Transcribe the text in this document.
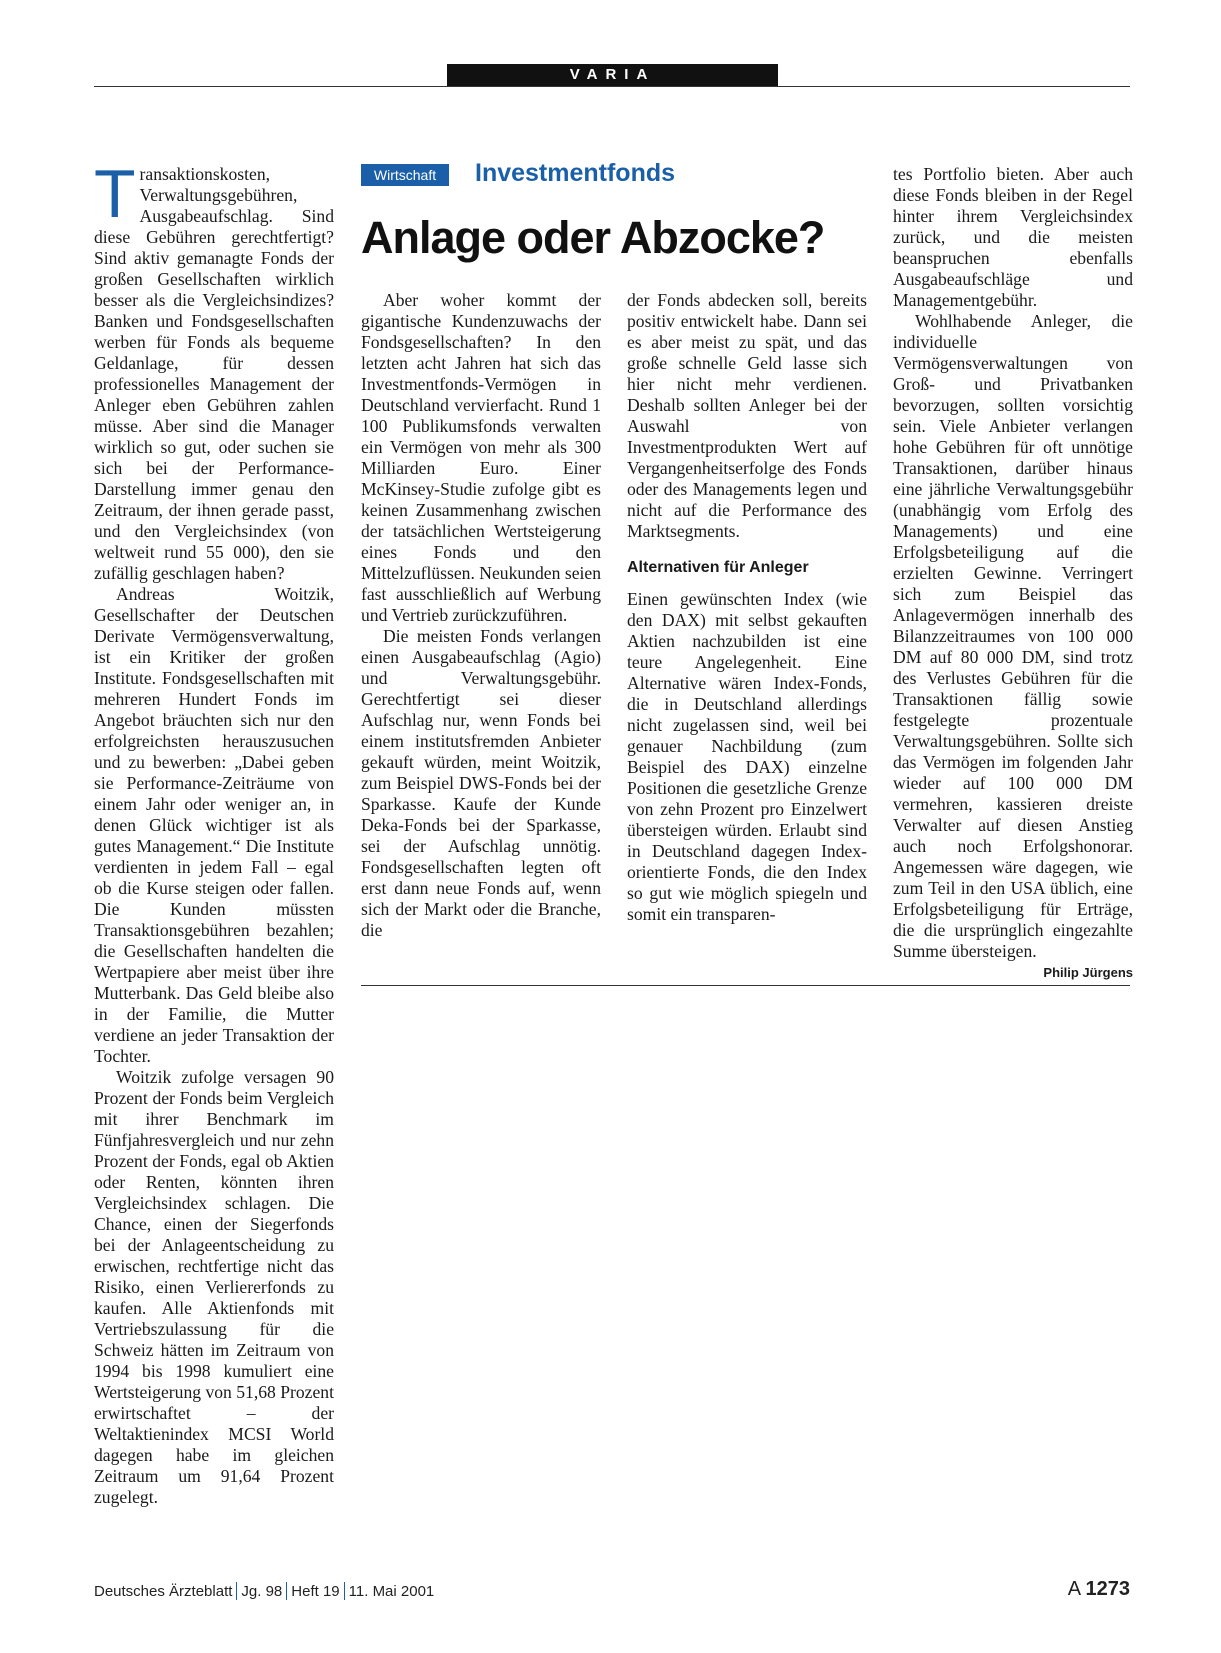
VARIA

Transaktionskosten, Verwaltungsgebühren, Ausgabeaufschlag. Sind diese Gebühren gerechtfertigt? Sind aktiv gemanagte Fonds der großen Gesellschaften wirklich besser als die Vergleichsindizes? Banken und Fondsgesellschaften werben für Fonds als bequeme Geldanlage, für dessen professionelles Management der Anleger eben Gebühren zahlen müsse. Aber sind die Manager wirklich so gut, oder suchen sie sich bei der Performance-Darstellung immer genau den Zeitraum, der ihnen gerade passt, und den Vergleichsindex (von weltweit rund 55 000), den sie zufällig geschlagen haben?

Andreas Woitzik, Gesellschafter der Deutschen Derivate Vermögensverwaltung, ist ein Kritiker der großen Institute. Fondsgesellschaften mit mehreren Hundert Fonds im Angebot bräuchten sich nur den erfolgreichsten herauszusuchen und zu bewerben: „Dabei geben sie Performance-Zeiträume von einem Jahr oder weniger an, in denen Glück wichtiger ist als gutes Management.“ Die Institute verdienten in jedem Fall – egal ob die Kurse steigen oder fallen. Die Kunden müssten Transaktionsgebühren bezahlen; die Gesellschaften handelten die Wertpapiere aber meist über ihre Mutterbank. Das Geld bleibe also in der Familie, die Mutter verdiene an jeder Transaktion der Tochter.

Woitzik zufolge versagen 90 Prozent der Fonds beim Vergleich mit ihrer Benchmark im Fünfjahresvergleich und nur zehn Prozent der Fonds, egal ob Aktien oder Renten, könnten ihren Vergleichsindex schlagen. Die Chance, einen der Siegerfonds bei der Anlageentscheidung zu erwischen, rechtfertige nicht das Risiko, einen Verliererfonds zu kaufen. Alle Aktienfonds mit Vertriebszulassung für die Schweiz hätten im Zeitraum von 1994 bis 1998 kumuliert eine Wertsteigerung von 51,68 Prozent erwirtschaftet – der Weltaktienindex MCSI World dagegen habe im gleichen Zeitraum um 91,64 Prozent zugelegt.

Wirtschaft	Investmentfonds
Anlage oder Abzocke?

Aber woher kommt der gigantische Kundenzuwachs der Fondsgesellschaften? In den letzten acht Jahren hat sich das Investmentfonds-Vermögen in Deutschland vervierfacht. Rund 1 100 Publikumsfonds verwalten ein Vermögen von mehr als 300 Milliarden Euro. Einer McKinsey-Studie zufolge gibt es keinen Zusammenhang zwischen der tatsächlichen Wertsteigerung eines Fonds und den Mittelzuflüssen. Neukunden seien fast ausschließlich auf Werbung und Vertrieb zurückzuführen.

Die meisten Fonds verlangen einen Ausgabeaufschlag (Agio) und Verwaltungsgebühr. Gerechtfertigt sei dieser Aufschlag nur, wenn Fonds bei einem institutsfremden Anbieter gekauft würden, meint Woitzik, zum Beispiel DWS-Fonds bei der Sparkasse. Kaufe der Kunde Deka-Fonds bei der Sparkasse, sei der Aufschlag unnötig. Fondsgesellschaften legten oft erst dann neue Fonds auf, wenn sich der Markt oder die Branche, die

der Fonds abdecken soll, bereits positiv entwickelt habe. Dann sei es aber meist zu spät, und das große schnelle Geld lasse sich hier nicht mehr verdienen. Deshalb sollten Anleger bei der Auswahl von Investmentprodukten Wert auf Vergangenheitserfolge des Fonds oder des Managements legen und nicht auf die Performance des Marktsegments.

Alternativen für Anleger

Einen gewünschten Index (wie den DAX) mit selbst gekauften Aktien nachzubilden ist eine teure Angelegenheit. Eine Alternative wären Index-Fonds, die in Deutschland allerdings nicht zugelassen sind, weil bei genauer Nachbildung (zum Beispiel des DAX) einzelne Positionen die gesetzliche Grenze von zehn Prozent pro Einzelwert übersteigen würden. Erlaubt sind in Deutschland dagegen Index-orientierte Fonds, die den Index so gut wie möglich spiegeln und somit ein transparen-

tes Portfolio bieten. Aber auch diese Fonds bleiben in der Regel hinter ihrem Vergleichsindex zurück, und die meisten beanspruchen ebenfalls Ausgabeaufschläge und Managementgebühr.

Wohlhabende Anleger, die individuelle Vermögensverwaltungen von Groß- und Privatbanken bevorzugen, sollten vorsichtig sein. Viele Anbieter verlangen hohe Gebühren für oft unnötige Transaktionen, darüber hinaus eine jährliche Verwaltungsgebühr (unabhängig vom Erfolg des Managements) und eine Erfolgsbeteiligung auf die erzielten Gewinne. Verringert sich zum Beispiel das Anlagevermögen innerhalb des Bilanzzeitraumes von 100 000 DM auf 80 000 DM, sind trotz des Verlustes Gebühren für die Transaktionen fällig sowie festgelegte prozentuale Verwaltungsgebühren. Sollte sich das Vermögen im folgenden Jahr wieder auf 100 000 DM vermehren, kassieren dreiste Verwalter auf diesen Anstieg auch noch Erfolgshonorar. Angemessen wäre dagegen, wie zum Teil in den USA üblich, eine Erfolgsbeteiligung für Erträge, die die ursprünglich eingezahlte Summe übersteigen.
Philip Jürgens

Deutsches Ärzteblatt Jg. 98 Heft 19 11. Mai 2001	A 1273
